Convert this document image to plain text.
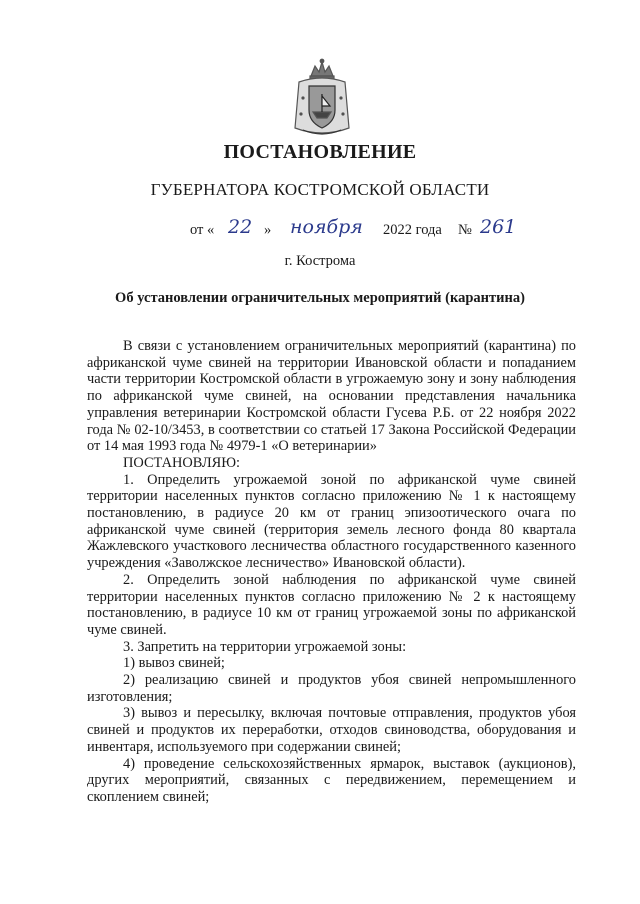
ПОСТАНОВЛЕНИЕ
ГУБЕРНАТОРА КОСТРОМСКОЙ ОБЛАСТИ
от « 22 » ноября 2022 года № 261
г. Кострома
Об установлении ограничительных мероприятий (карантина)

В связи с установлением ограничительных мероприятий (карантина) по африканской чуме свиней на территории Ивановской области и попаданием части территории Костромской области в угрожаемую зону и зону наблюдения по африканской чуме свиней, на основании представления начальника управления ветеринарии Костромской области Гусева Р.Б. от 22 ноября 2022 года № 02-10/3453, в соответствии со статьей 17 Закона Российской Федерации от 14 мая 1993 года № 4979-1 «О ветеринарии»

ПОСТАНОВЛЯЮ:

1. Определить угрожаемой зоной по африканской чуме свиней территории населенных пунктов согласно приложению № 1 к настоящему постановлению, в радиусе 20 км от границ эпизоотического очага по африканской чуме свиней (территория земель лесного фонда 80 квартала Жажлевского участкового лесничества областного государственного казенного учреждения «Заволжское лесничество» Ивановской области).

2. Определить зоной наблюдения по африканской чуме свиней территории населенных пунктов согласно приложению № 2 к настоящему постановлению, в радиусе 10 км от границ угрожаемой зоны по африканской чуме свиней.

3. Запретить на территории угрожаемой зоны:

1) вывоз свиней;

2) реализацию свиней и продуктов убоя свиней непромышленного изготовления;

3) вывоз и пересылку, включая почтовые отправления, продуктов убоя свиней и продуктов их переработки, отходов свиноводства, оборудования и инвентаря, используемого при содержании свиней;

4) проведение сельскохозяйственных ярмарок, выставок (аукционов), других мероприятий, связанных с передвижением, перемещением и скоплением свиней;
